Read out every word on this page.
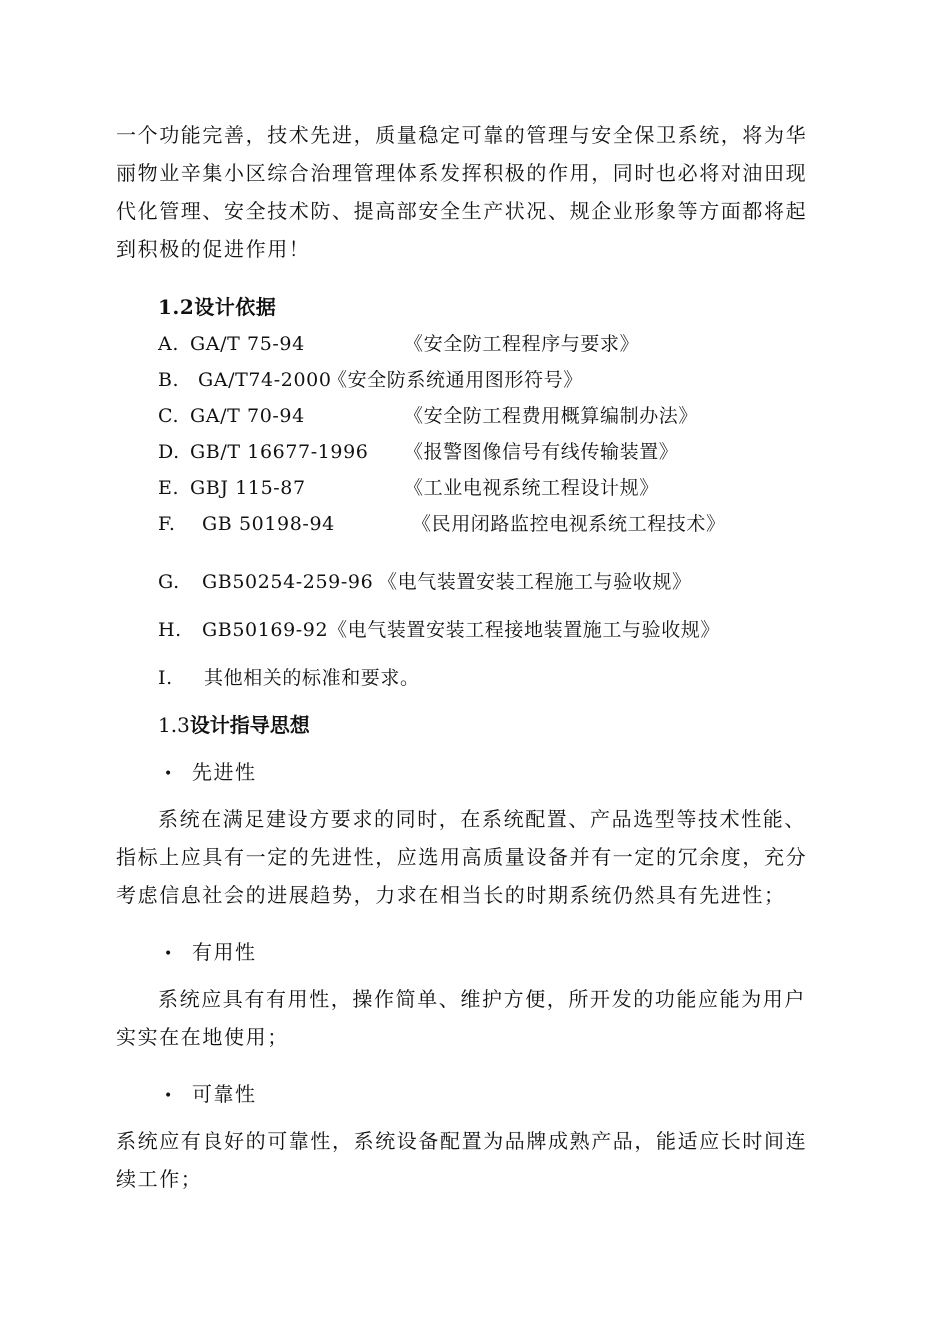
一个功能完善，技术先进，质量稳定可靠的管理与安全保卫系统，将为华
丽物业辛集小区综合治理管理体系发挥积极的作用，同时也必将对油田现
代化管理、安全技术防、提高部安全生产状况、规企业形象等方面都将起
到积极的促进作用！
1.2设计依据
A. GA/T 75-94	《安全防工程程序与要求》
B. GA/T74-2000
《安全防系统通用图形符号》
C. GA/T 70-94	《安全防工程费用概算编制办法》
D. GB/T 16677-1996 《报警图像信号有线传输装置》
E. GBJ 115-87	《工业电视系统工程设计规》
F. GB 50198-94	《民用闭路监控电视系统工程技术》
G. GB50254-259-96 《电气装置安装工程施工与验收规》
H. GB50169-92 《电气装置安装工程接地装置施工与验收规》
I. 其他相关的标准和要求。
1.3设计指导思想
• 先进性
系统在满足建设方要求的同时，在系统配置、产品选型等技术性能、
指标上应具有一定的先进性，应选用高质量设备并有一定的冗余度，充分
考虑信息社会的进展趋势，力求在相当长的时期系统仍然具有先进性；
• 有用性
系统应具有有用性，操作简单、维护方便，所开发的功能应能为用户
实实在在地使用；
• 可靠性
系统应有良好的可靠性，系统设备配置为品牌成熟产品，能适应长时间连
续工作；
